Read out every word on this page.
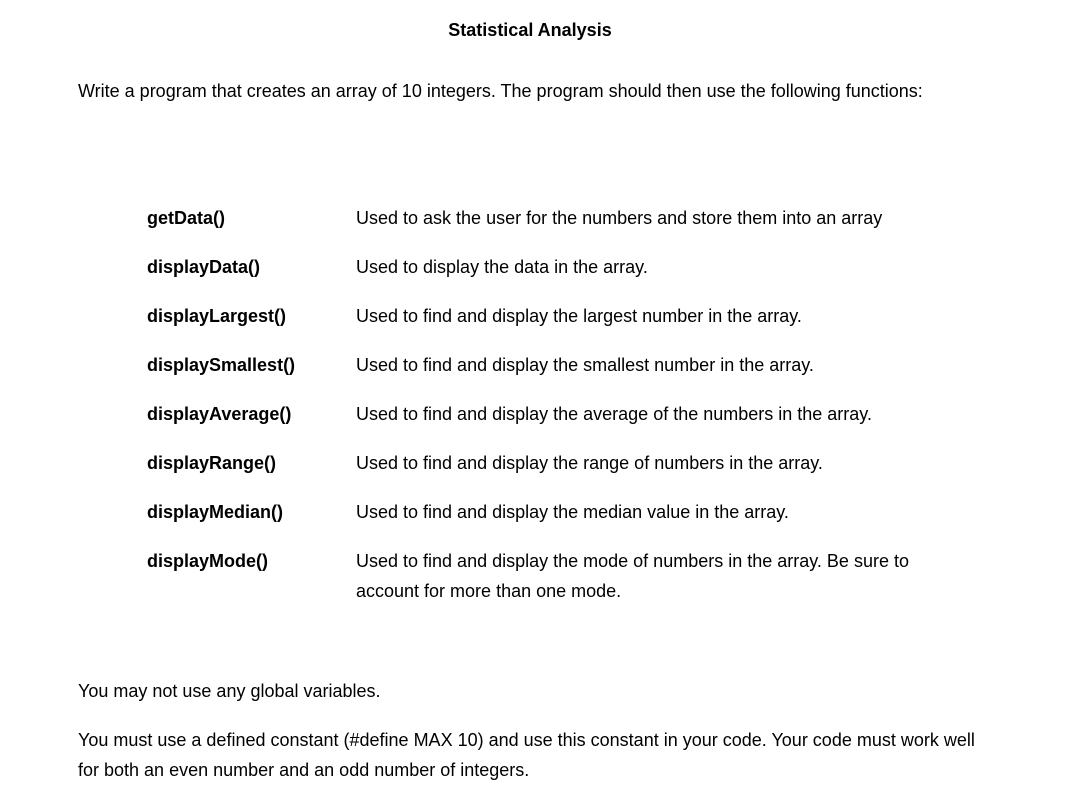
Statistical Analysis
Write a program that creates an array of 10 integers. The program should then use the following functions:
getData()	Used to ask the user for the numbers and store them into an array
displayData()	Used to display the data in the array.
displayLargest()	Used to find and display the largest number in the array.
displaySmallest()	Used to find and display the smallest number in the array.
displayAverage()	Used to find and display the average of the numbers in the array.
displayRange()	Used to find and display the range of numbers in the array.
displayMedian()	Used to find and display the median value in the array.
displayMode()	Used to find and display the mode of numbers in the array. Be sure to account for more than one mode.
You may not use any global variables.
You must use a defined constant (#define MAX 10) and use this constant in your code. Your code must work well for both an even number and an odd number of integers.
